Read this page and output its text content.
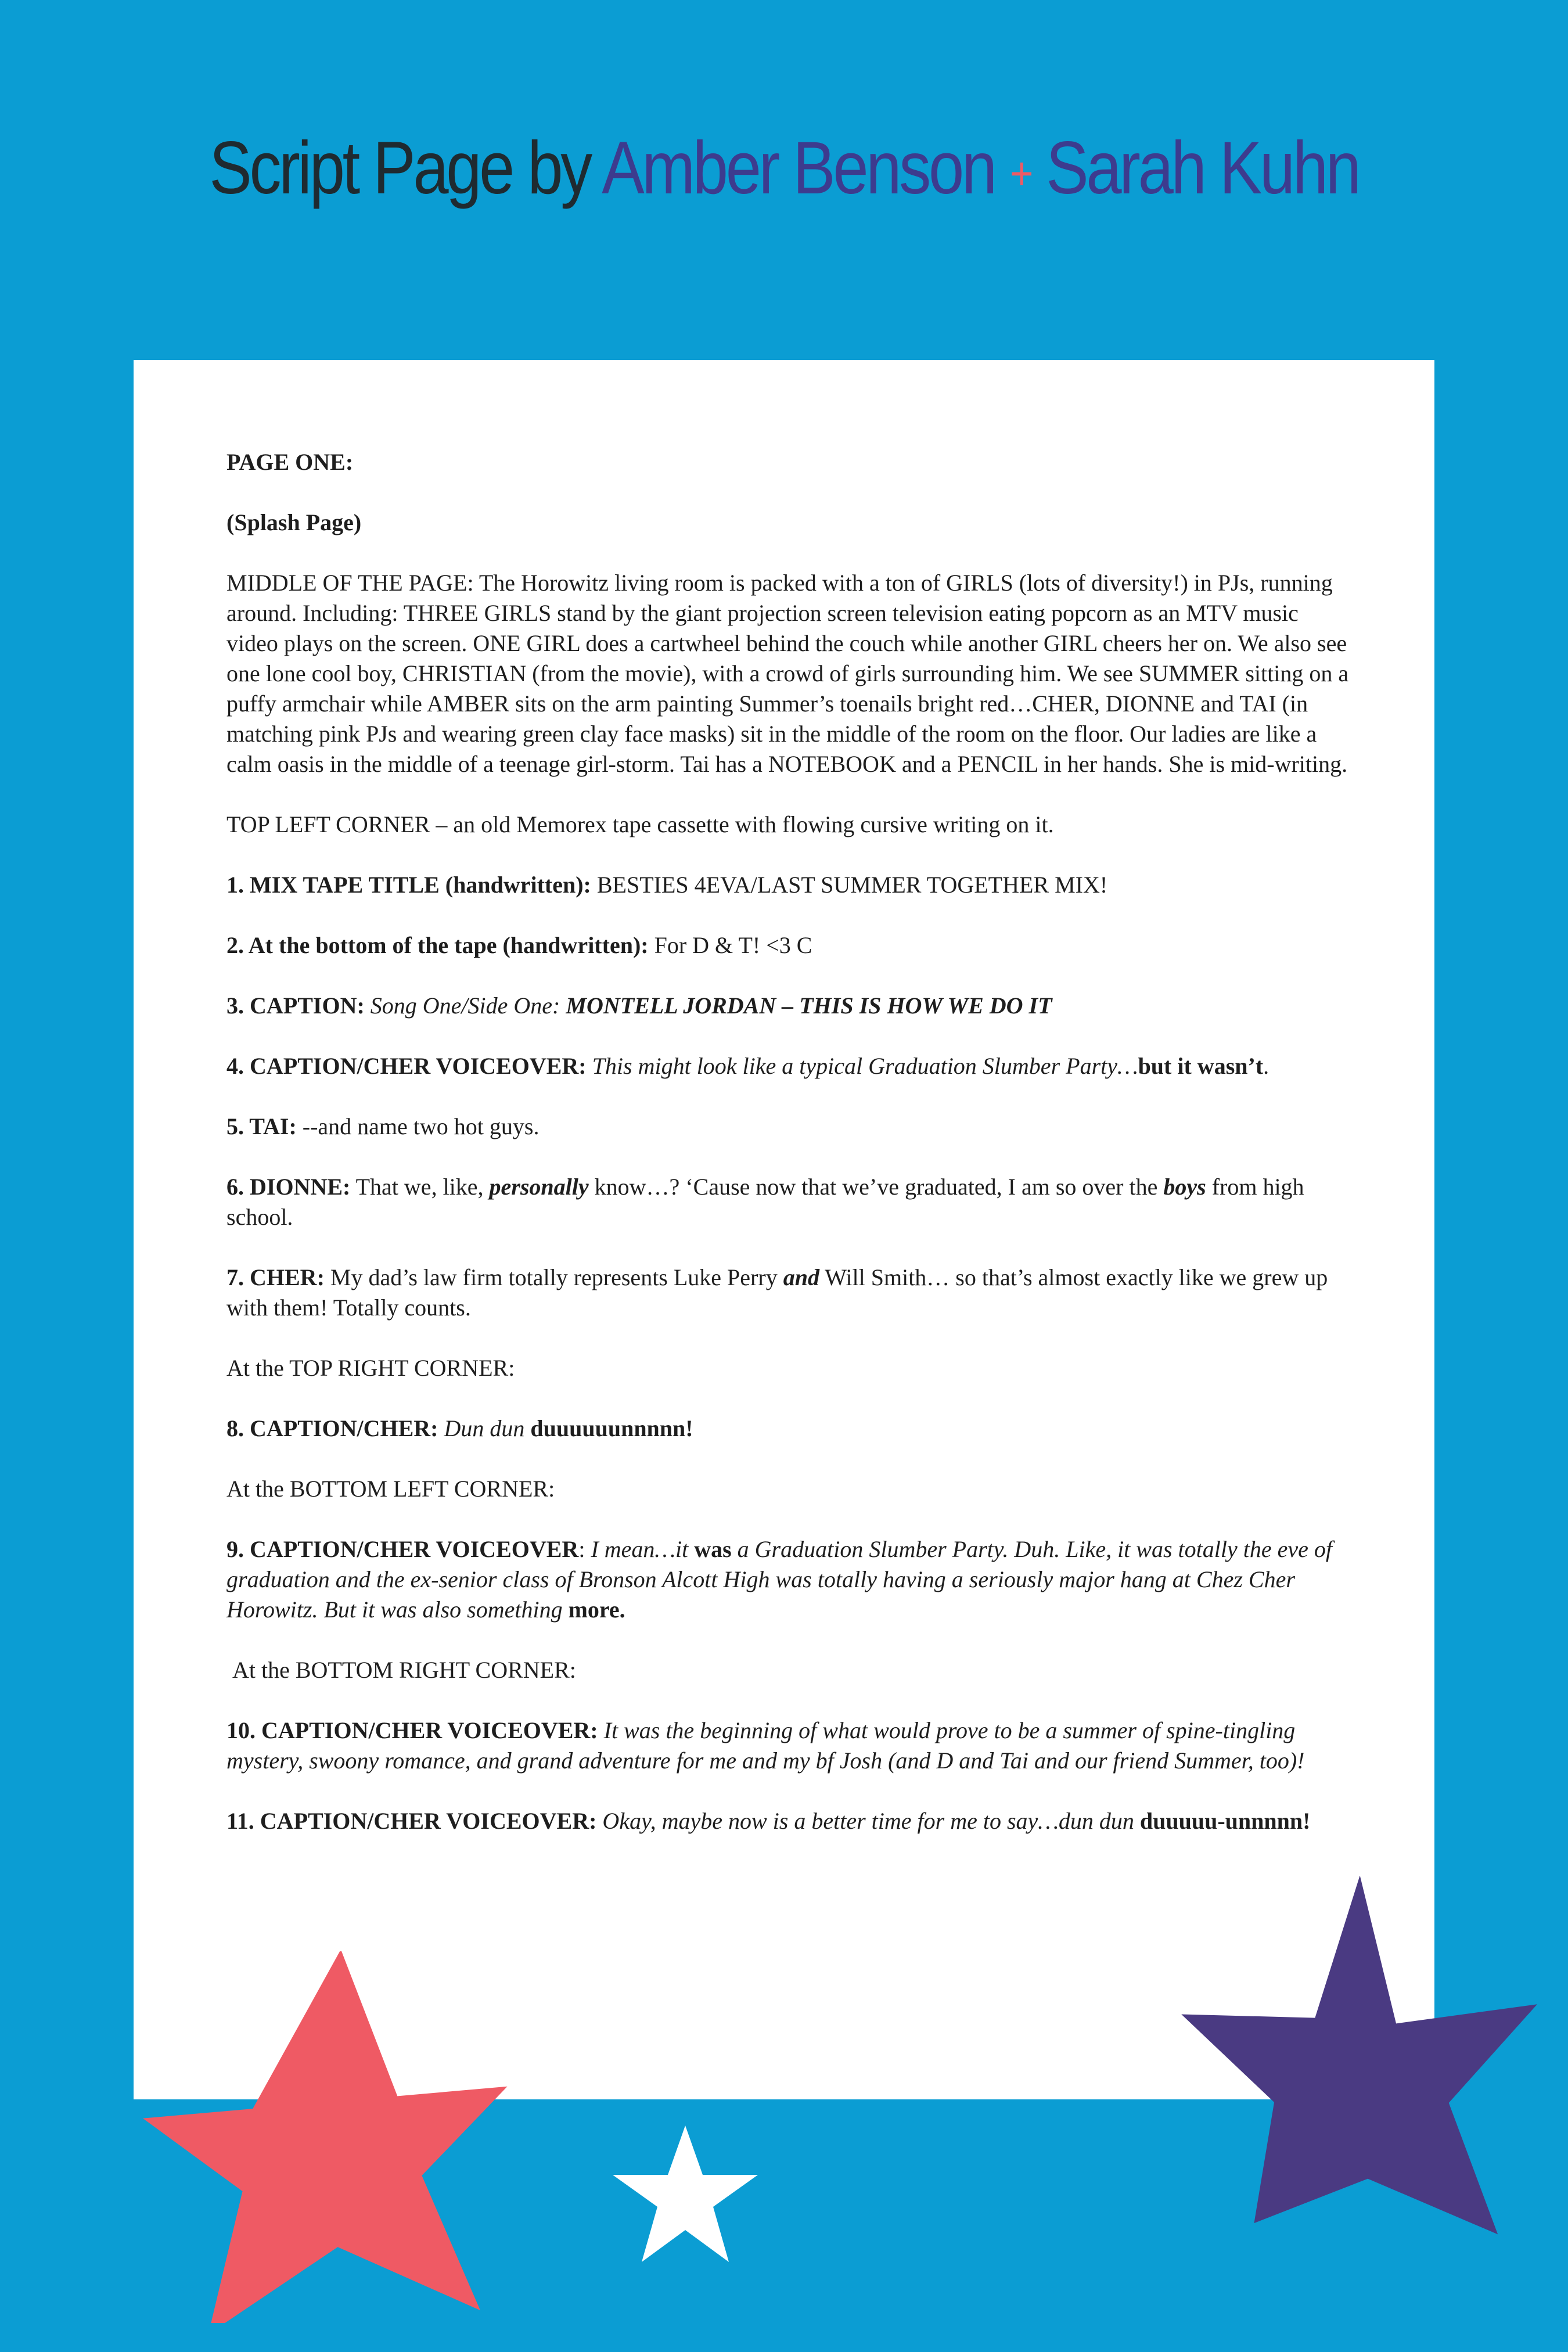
Script Page by Amber Benson + Sarah Kuhn

PAGE ONE:

(Splash Page)

MIDDLE OF THE PAGE: The Horowitz living room is packed with a ton of GIRLS (lots of diversity!) in PJs, running around. Including: THREE GIRLS stand by the giant projection screen television eating popcorn as an MTV music video plays on the screen. ONE GIRL does a cartwheel behind the couch while another GIRL cheers her on. We also see one lone cool boy, CHRISTIAN (from the movie), with a crowd of girls surrounding him. We see SUMMER sitting on a puffy armchair while AMBER sits on the arm painting Summer’s toenails bright red…CHER, DIONNE and TAI (in matching pink PJs and wearing green clay face masks) sit in the middle of the room on the floor. Our ladies are like a calm oasis in the middle of a teenage girl-storm. Tai has a NOTEBOOK and a PENCIL in her hands. She is mid-writing.

TOP LEFT CORNER – an old Memorex tape cassette with flowing cursive writing on it.

1. MIX TAPE TITLE (handwritten): BESTIES 4EVA/LAST SUMMER TOGETHER MIX!

2. At the bottom of the tape (handwritten): For D & T! <3 C

3. CAPTION: Song One/Side One: MONTELL JORDAN – THIS IS HOW WE DO IT

4. CAPTION/CHER VOICEOVER: This might look like a typical Graduation Slumber Party…but it wasn’t.

5. TAI: --and name two hot guys.

6. DIONNE: That we, like, personally know…? ‘Cause now that we’ve graduated, I am so over the boys from high school.

7. CHER: My dad’s law firm totally represents Luke Perry and Will Smith… so that’s almost exactly like we grew up with them! Totally counts.

At the TOP RIGHT CORNER:

8. CAPTION/CHER: Dun dun duuuuuunnnnn!

At the BOTTOM LEFT CORNER:

9. CAPTION/CHER VOICEOVER: I mean…it was a Graduation Slumber Party. Duh. Like, it was totally the eve of graduation and the ex-senior class of Bronson Alcott High was totally having a seriously major hang at Chez Cher Horowitz. But it was also something more.

At the BOTTOM RIGHT CORNER:

10. CAPTION/CHER VOICEOVER: It was the beginning of what would prove to be a summer of spine-tingling mystery, swoony romance, and grand adventure for me and my bf Josh (and D and Tai and our friend Summer, too)!

11. CAPTION/CHER VOICEOVER: Okay, maybe now is a better time for me to say…dun dun duuuuu-unnnnn!
